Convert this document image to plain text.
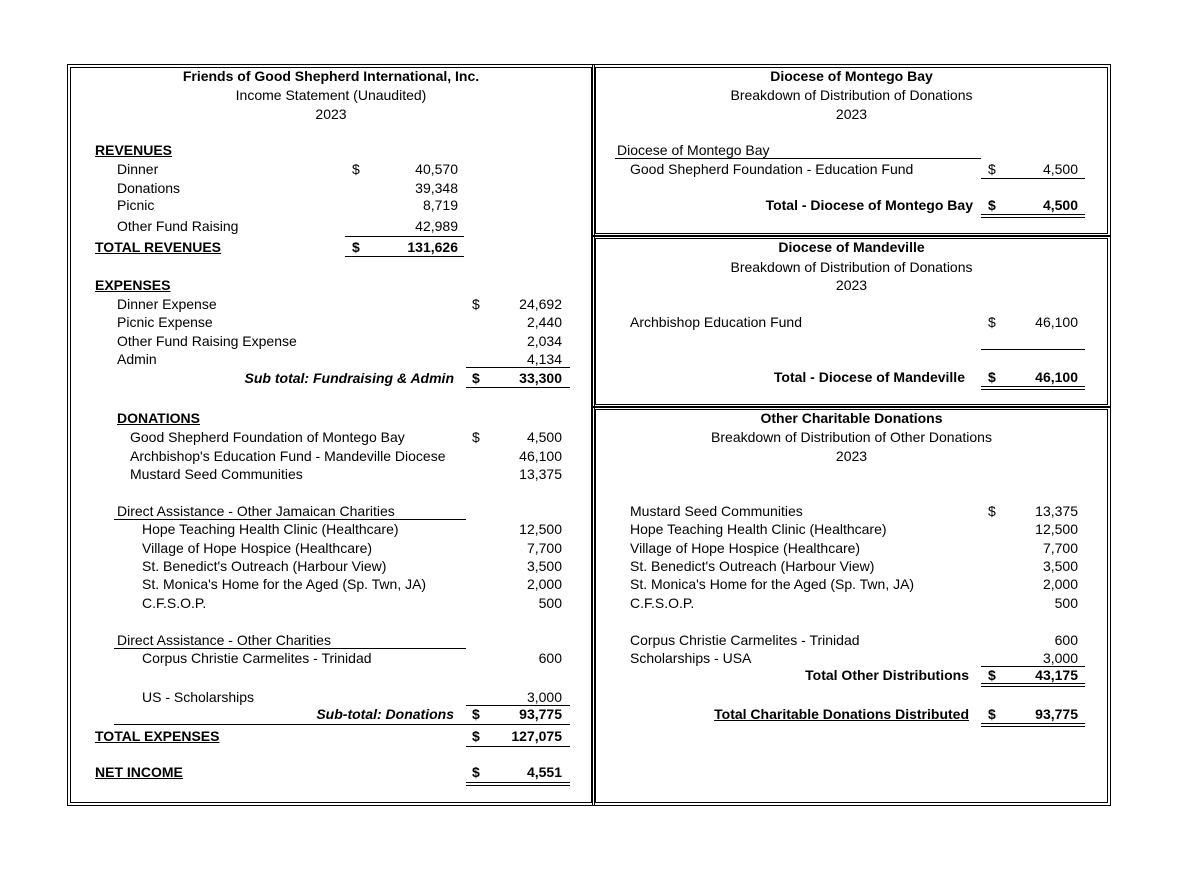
Friends of Good Shepherd International, Inc.
Income Statement (Unaudited)
2023
REVENUES
Dinner	$	40,570
Donations	39,348
Picnic	8,719
Other Fund Raising	42,989
TOTAL REVENUES	$	131,626
EXPENSES
Dinner Expense	$	24,692
Picnic Expense	2,440
Other Fund Raising Expense	2,034
Admin	4,134
Sub total: Fundraising & Admin $	33,300
DONATIONS
Good Shepherd Foundation of Montego Bay	$	4,500
Archbishop's Education Fund - Mandeville Diocese	46,100
Mustard Seed Communities	13,375
Direct Assistance - Other Jamaican Charities
Hope Teaching Health Clinic (Healthcare)	12,500
Village of Hope Hospice (Healthcare)	7,700
St. Benedict's Outreach (Harbour View)	3,500
St. Monica's Home for the Aged (Sp. Twn, JA)	2,000
C.F.S.O.P.	500
Direct Assistance - Other Charities
Corpus Christie Carmelites - Trinidad	600
US - Scholarships	3,000
Sub-total: Donations $	93,775
TOTAL EXPENSES	$	127,075
NET INCOME	$	4,551
Diocese of Montego Bay
Breakdown of Distribution of Donations
2023
Diocese of Montego Bay
Good Shepherd Foundation - Education Fund	$	4,500
Total - Diocese of Montego Bay $	4,500
Diocese of Mandeville
Breakdown of Distribution of Donations
2023
Archbishop Education Fund	$	46,100
Total - Diocese of Mandeville $	46,100
Other Charitable Donations
Breakdown of Distribution of Other Donations
2023
Mustard Seed Communities	$	13,375
Hope Teaching Health Clinic (Healthcare)	12,500
Village of Hope Hospice (Healthcare)	7,700
St. Benedict's Outreach (Harbour View)	3,500
St. Monica's Home for the Aged (Sp. Twn, JA)	2,000
C.F.S.O.P.	500
Corpus Christie Carmelites - Trinidad	600
Scholarships - USA	3,000
Total Other Distributions $	43,175
Total Charitable Donations Distributed $	93,775
